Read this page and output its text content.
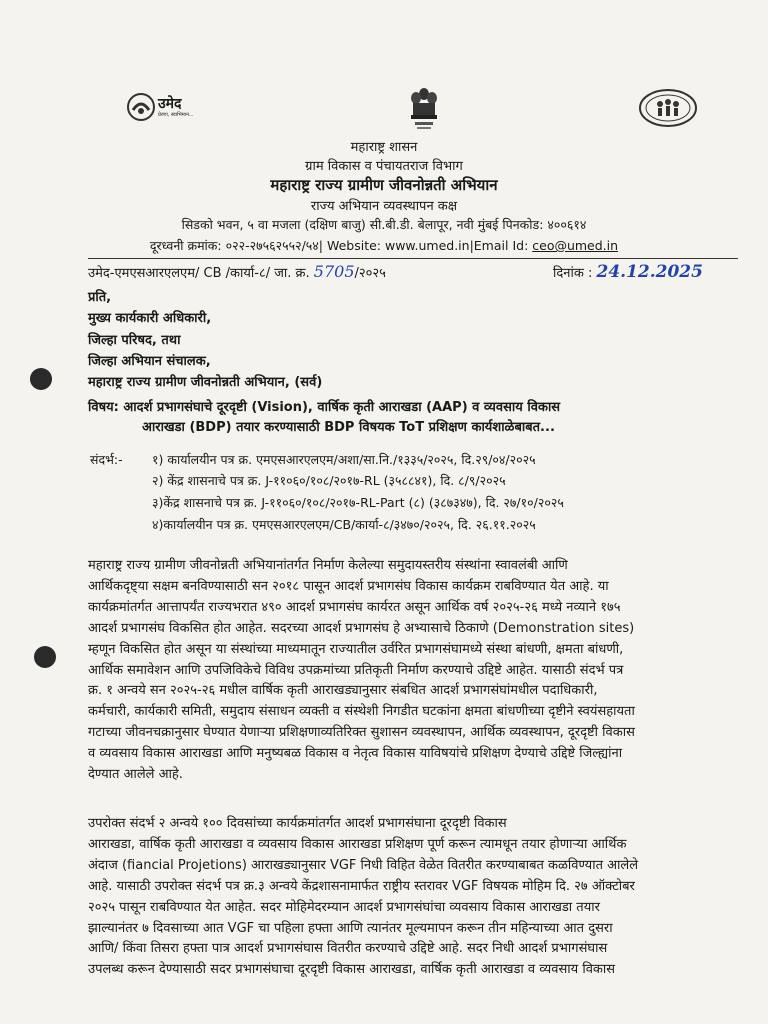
उमेद
प्रेरणा, स्वाभिमान...
महाराष्ट्र शासन
ग्राम विकास व पंचायतराज विभाग
महाराष्ट्र राज्य ग्रामीण जीवनोन्नती अभियान
राज्य अभियान व्यवस्थापन कक्ष
सिडको भवन, ५ वा मजला (दक्षिण बाजु) सी.बी.डी. बेलापूर, नवी मुंबई पिनकोड: ४००६१४
दूरध्वनी क्रमांक: ०२२-२७५६२५५२/५४| Website: www.umed.in|Email Id: ceo@umed.in
उमेद-एमएसआरएलएम/ CB /कार्या-८/ जा. क्र. 5705/२०२५	दिनांक : 24.12.2025
प्रति,
मुख्य कार्यकारी अधिकारी,
जिल्हा परिषद, तथा
जिल्हा अभियान संचालक,
महाराष्ट्र राज्य ग्रामीण जीवनोन्नती अभियान, (सर्व)
विषय: आदर्श प्रभागसंघाचे दूरदृष्टी (Vision), वार्षिक कृती आराखडा (AAP) व व्यवसाय विकास
आराखडा (BDP) तयार करण्यासाठी BDP विषयक ToT प्रशिक्षण कार्यशाळेबाबत...
संदर्भ:- १) कार्यालयीन पत्र क्र. एमएसआरएलएम/अशा/सा.नि./१३३५/२०२५, दि.२९/०४/२०२५
२) केंद्र शासनाचे पत्र क्र. J-११०६०/१०८/२०१७-RL (३५८८४१), दि. ८/९/२०२५
३)केंद्र शासनाचे पत्र क्र. J-११०६०/१०८/२०१७-RL-Part (८) (३८७३४७), दि. २७/१०/२०२५
४)कार्यालयीन पत्र क्र. एमएसआरएलएम/CB/कार्या-८/३४७०/२०२५, दि. २६.११.२०२५
महाराष्ट्र राज्य ग्रामीण जीवनोन्नती अभियानांतर्गत निर्माण केलेल्या समुदायस्तरीय संस्थांना स्वावलंबी आणि
आर्थिकदृष्ट्या सक्षम बनविण्यासाठी सन २०१८ पासून आदर्श प्रभागसंघ विकास कार्यक्रम राबविण्यात येत आहे. या
कार्यक्रमांतर्गत आत्तापर्यंत राज्यभरात ४९० आदर्श प्रभागसंघ कार्यरत असून आर्थिक वर्ष २०२५-२६ मध्ये नव्याने १७५
आदर्श प्रभागसंघ विकसित होत आहेत. सदरच्या आदर्श प्रभागसंघ हे अभ्यासाचे ठिकाणे (Demonstration sites)
म्हणून विकसित होत असून या संस्थांच्या माध्यमातून राज्यातील उर्वरित प्रभागसंघामध्ये संस्था बांधणी, क्षमता बांधणी,
आर्थिक समावेशन आणि उपजिविकेचे विविध उपक्रमांच्या प्रतिकृती निर्माण करण्याचे उद्दिष्टे आहेत. यासाठी संदर्भ पत्र
क्र. १ अन्वये सन २०२५-२६ मधील वार्षिक कृती आराखड्यानुसार संबधित आदर्श प्रभागसंघांमधील पदाधिकारी,
कर्मचारी, कार्यकारी समिती, समुदाय संसाधन व्यक्ती व संस्थेशी निगडीत घटकांना क्षमता बांधणीच्या दृष्टीने स्वयंसहायता
गटाच्या जीवनचक्रानुसार घेण्यात येणाऱ्या प्रशिक्षणाव्यतिरिक्त सुशासन व्यवस्थापन, आर्थिक व्यवस्थापन, दूरदृष्टी विकास
व व्यवसाय विकास आराखडा आणि मनुष्यबळ विकास व नेतृत्व विकास याविषयांचे प्रशिक्षण देण्याचे उद्दिष्टे जिल्ह्यांना
देण्यात आलेले आहे.
उपरोक्त संदर्भ २ अन्वये १०० दिवसांच्या कार्यक्रमांतर्गत आदर्श प्रभागसंघाना दूरदृष्टी विकास
आराखडा, वार्षिक कृती आराखडा व व्यवसाय विकास आराखडा प्रशिक्षण पूर्ण करून त्यामधून तयार होणाऱ्या आर्थिक
अंदाज (fiancial Projetions) आराखड्यानुसार VGF निधी विहित वेळेत वितरीत करण्याबाबत कळविण्यात आलेले
आहे. यासाठी उपरोक्त संदर्भ पत्र क्र.३ अन्वये केंद्रशासनामार्फत राष्ट्रीय स्तरावर VGF विषयक मोहिम दि. २७ ऑक्टोबर
२०२५ पासून राबविण्यात येत आहेत. सदर मोहिमेदरम्यान आदर्श प्रभागसंघांचा व्यवसाय विकास आराखडा तयार
झाल्यानंतर ७ दिवसाच्या आत VGF चा पहिला हफ्ता आणि त्यानंतर मूल्यमापन करून तीन महिन्याच्या आत दुसरा
आणि/ किंवा तिसरा हफ्ता पात्र आदर्श प्रभागसंघास वितरीत करण्याचे उद्दिष्टे आहे. सदर निधी आदर्श प्रभागसंघास
उपलब्ध करून देण्यासाठी सदर प्रभागसंघाचा दूरदृष्टी विकास आराखडा, वार्षिक कृती आराखडा व व्यवसाय विकास
